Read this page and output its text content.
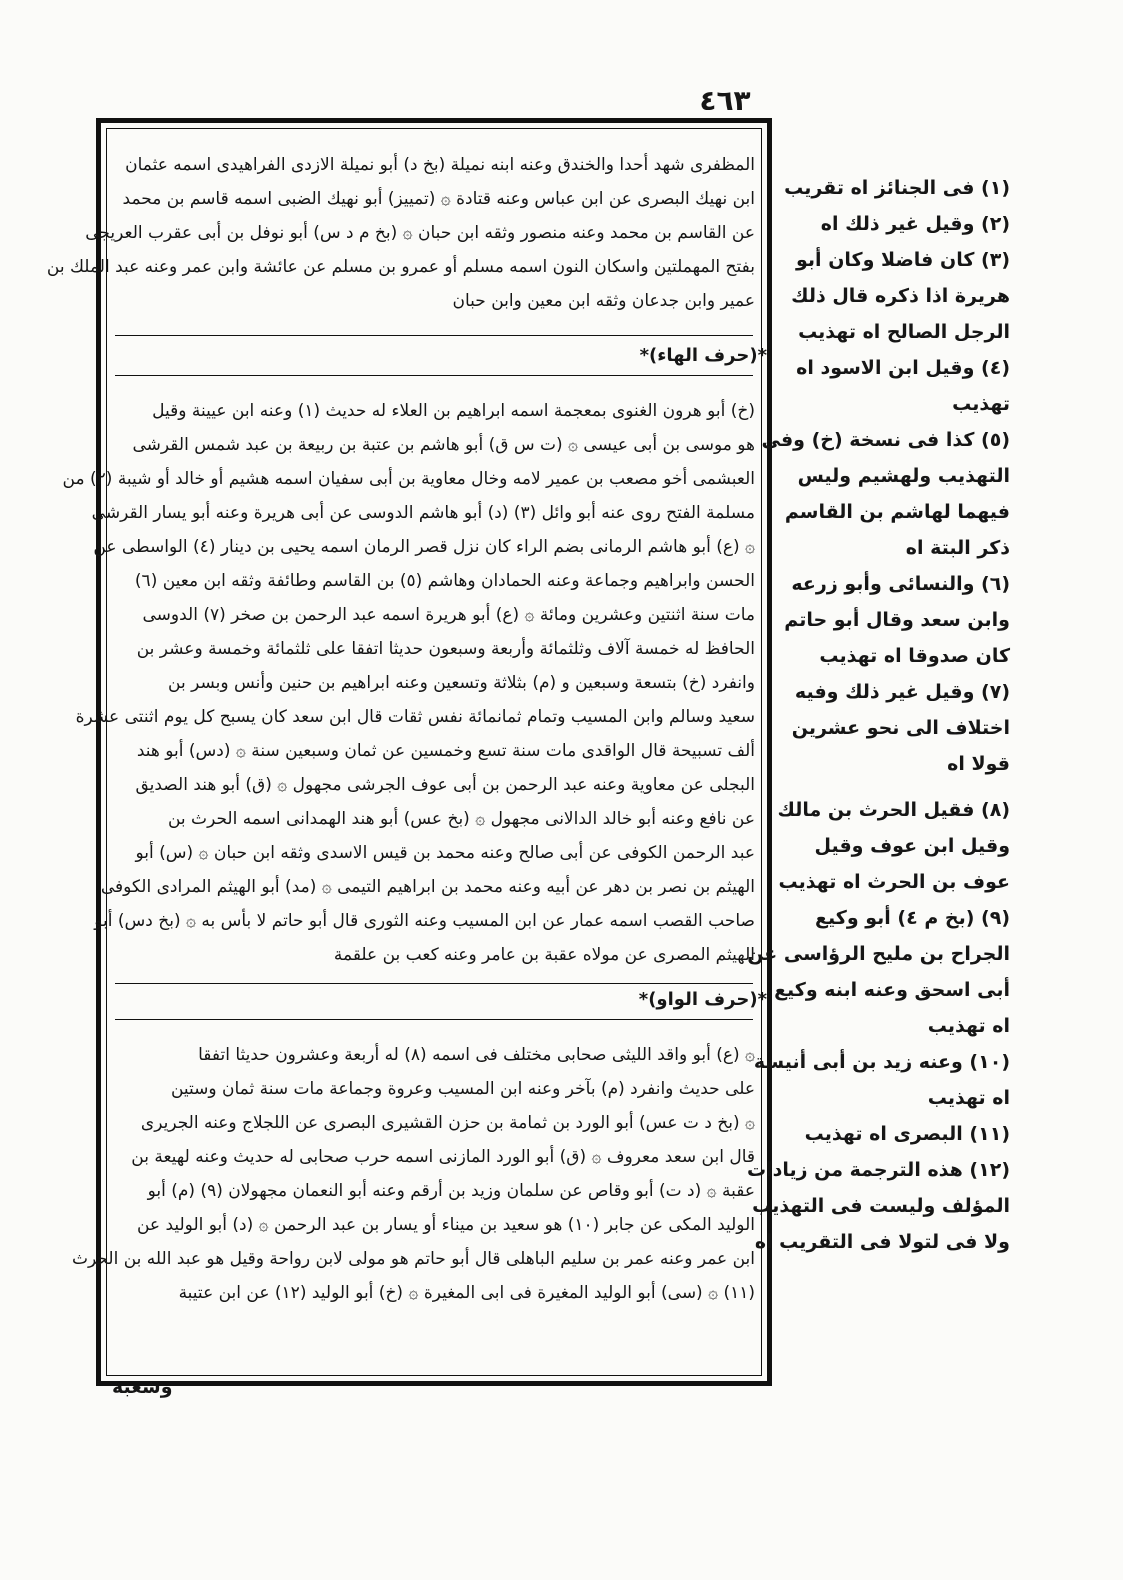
٤٦٣
المظفرى شهد أحدا والخندق وعنه ابنه نميلة (بخ د) أبو نميلة الازدى الفراهيدى اسمه عثمان
ابن نهيك البصرى عن ابن عباس وعنه قتادة ۞ (تمييز) أبو نهيك الضبى اسمه قاسم بن محمد
عن القاسم بن محمد وعنه منصور وثقه ابن حبان ۞ (بخ م د س) أبو نوفل بن أبى عقرب العريجى
بفتح المهملتين واسكان النون اسمه مسلم أو عمرو بن مسلم عن عائشة وابن عمر وعنه عبد الملك بن
عمير وابن جدعان وثقه ابن معين وابن حبان
*(حرف الهاء)*
(خ) أبو هرون الغنوى بمعجمة اسمه ابراهيم بن العلاء له حديث (١) وعنه ابن عيينة وقيل
هو موسى بن أبى عيسى ۞ (ت س ق) أبو هاشم بن عتبة بن ربيعة بن عبد شمس القرشى
العبشمى أخو مصعب بن عمير لامه وخال معاوية بن أبى سفيان اسمه هشيم أو خالد أو شيبة (٢) من
مسلمة الفتح روى عنه أبو وائل (٣) (د) أبو هاشم الدوسى عن أبى هريرة وعنه أبو يسار القرشى
۞ (ع) أبو هاشم الرمانى بضم الراء كان نزل قصر الرمان اسمه يحيى بن دينار (٤) الواسطى عن
الحسن وابراهيم وجماعة وعنه الحمادان وهاشم (٥) بن القاسم وطائفة وثقه ابن معين (٦)
مات سنة اثنتين وعشرين ومائة ۞ (ع) أبو هريرة اسمه عبد الرحمن بن صخر (٧) الدوسى
الحافظ له خمسة آلاف وثلثمائة وأربعة وسبعون حديثا اتفقا على ثلثمائة وخمسة وعشر بن
وانفرد (خ) بتسعة وسبعين و (م) بثلاثة وتسعين وعنه ابراهيم بن حنين وأنس وبسر بن
سعيد وسالم وابن المسيب وتمام ثمانمائة نفس ثقات قال ابن سعد كان يسبح كل يوم اثنتى عشرة
ألف تسبيحة قال الواقدى مات سنة تسع وخمسين عن ثمان وسبعين سنة ۞ (دس) أبو هند
البجلى عن معاوية وعنه عبد الرحمن بن أبى عوف الجرشى مجهول ۞ (ق) أبو هند الصديق
عن نافع وعنه أبو خالد الدالانى مجهول ۞ (بخ عس) أبو هند الهمدانى اسمه الحرث بن
عبد الرحمن الكوفى عن أبى صالح وعنه محمد بن قيس الاسدى وثقه ابن حبان ۞ (س) أبو
الهيثم بن نصر بن دهر عن أبيه وعنه محمد بن ابراهيم التيمى ۞ (مد) أبو الهيثم المرادى الكوفى
صاحب القصب اسمه عمار عن ابن المسيب وعنه الثورى قال أبو حاتم لا بأس به ۞ (بخ دس) أبو
الهيثم المصرى عن مولاه عقبة بن عامر وعنه كعب بن علقمة
*(حرف الواو)*
۞ (ع) أبو واقد الليثى صحابى مختلف فى اسمه (٨) له أربعة وعشرون حديثا اتفقا
على حديث وانفرد (م) بآخر وعنه ابن المسيب وعروة وجماعة مات سنة ثمان وستين
۞ (بخ د ت عس) أبو الورد بن ثمامة بن حزن القشيرى البصرى عن اللجلاج وعنه الجريرى
قال ابن سعد معروف ۞ (ق) أبو الورد المازنى اسمه حرب صحابى له حديث وعنه لهيعة بن
عقبة ۞ (د ت) أبو وقاص عن سلمان وزيد بن أرقم وعنه أبو النعمان مجهولان (٩) (م) أبو
الوليد المكى عن جابر (١٠) هو سعيد بن ميناء أو يسار بن عبد الرحمن ۞ (د) أبو الوليد عن
ابن عمر وعنه عمر بن سليم الباهلى قال أبو حاتم هو مولى لابن رواحة وقيل هو عبد الله بن الحرث
(١١) ۞ (سى) أبو الوليد المغيرة فى ابى المغيرة ۞ (خ) أبو الوليد (١٢) عن ابن عتيبة
وشعبة
(١) فى الجنائز اه تقريب
(٢) وقيل غير ذلك اه
(٣) كان فاضلا وكان أبو
هريرة اذا ذكره قال ذلك
الرجل الصالح اه تهذيب
(٤) وقيل ابن الاسود اه
تهذيب
(٥) كذا فى نسخة (خ) وفى
التهذيب ولهشيم وليس
فيهما لهاشم بن القاسم
ذكر البتة اه
(٦) والنسائى وأبو زرعه
وابن سعد وقال أبو حاتم
كان صدوقا اه تهذيب
(٧) وقيل غير ذلك وفيه
اختلاف الى نحو عشرين
قولا اه
(٨) فقيل الحرث بن مالك
وقيل ابن عوف وقيل
عوف بن الحرث اه تهذيب
(٩) (بخ م ٤) أبو وكيع
الجراح بن مليح الرؤاسى عن
أبى اسحق وعنه ابنه وكيع
اه تهذيب
(١٠) وعنه زيد بن أبى أنيسة
اه تهذيب
(١١) البصرى اه تهذيب
(١٢) هذه الترجمة من زيادات
المؤلف وليست فى التهذيب
ولا فى لتولا فى التقريب اه
